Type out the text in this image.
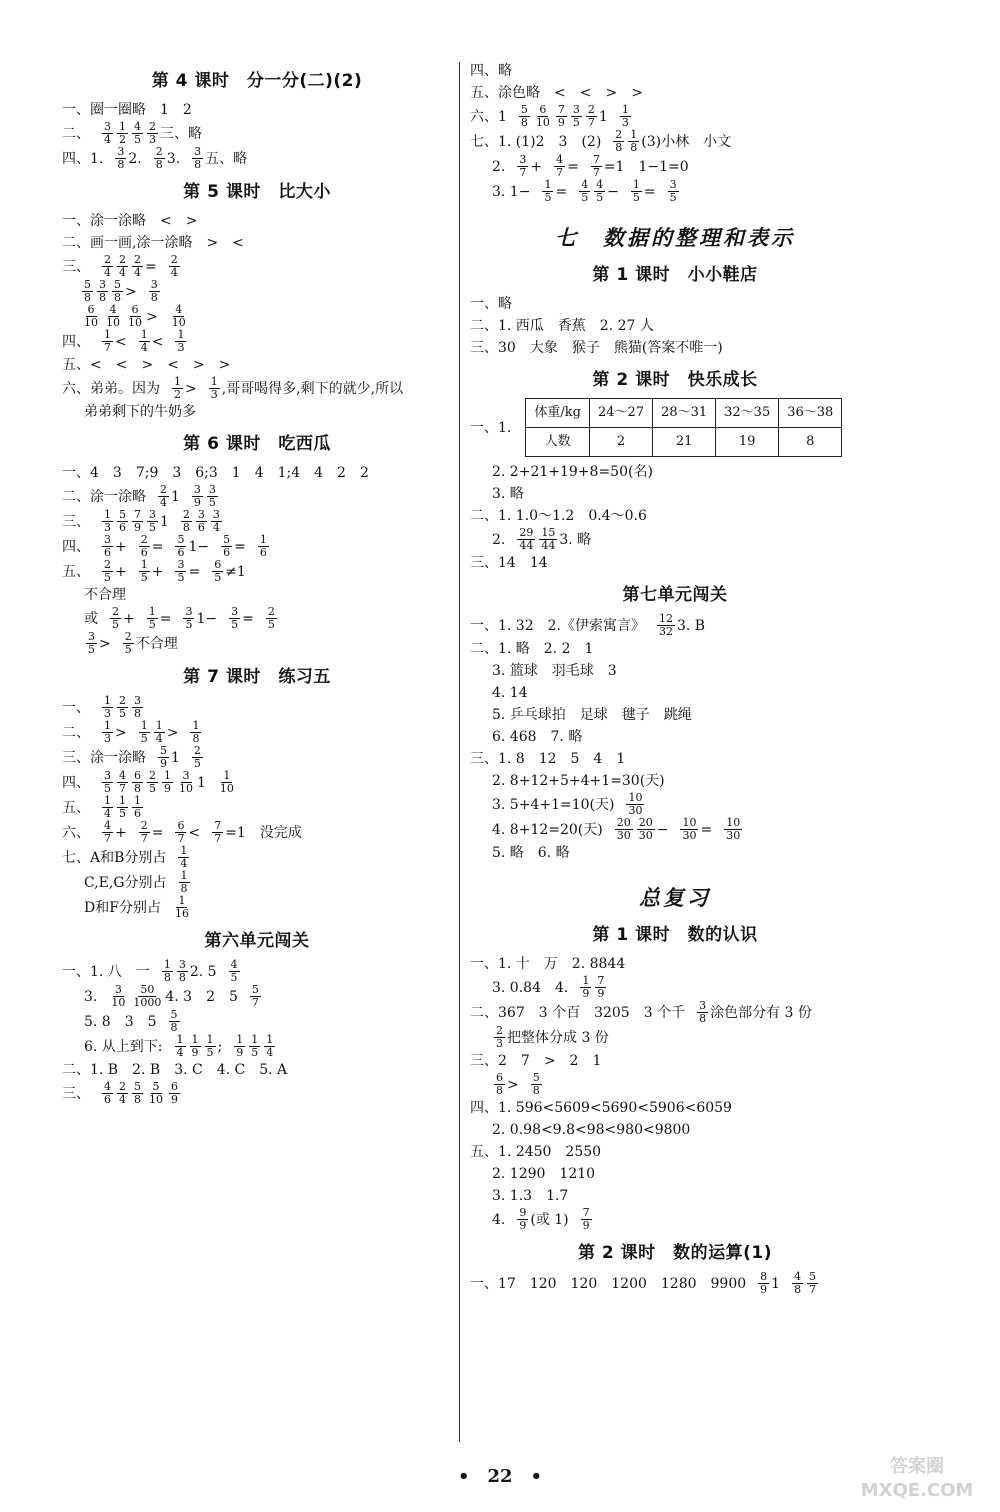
第 4 课时　分一分(二)(2)
一、圈一圈略　1　2
二、 $\frac{3}{4} \frac{1}{2} \frac{4}{5} \frac{2}{3}$ 三、略
四、1. $\frac{3}{8} 2$. $\frac{2}{8} 3$. $\frac{3}{8}$ 五、略
第 5 课时　比大小
一、涂一涂略　<　>
二、画一画,涂一涂略　>　<
三、 $\frac{2}{4} \frac{2}{4} \frac{2}{4} = \frac{2}{4}$
$\frac{5}{8} \frac{3}{8} \frac{5}{8} > \frac{3}{8}$
$\frac{6}{10} \frac{4}{10} \frac{6}{10} > \frac{4}{10}$
四、 $\frac{1}{7} < \frac{1}{4} < \frac{1}{3}$
五、<　<　>　<　>　>
六、弟弟。因为 $\frac{1}{2} > \frac{1}{3}$ ,哥哥喝得多,剩下的就少,所以
弟弟剩下的牛奶多
第 6 课时　吃西瓜
一、4　3　7;9　3　6;3　1　4　1;4　4　2　2
二、涂一涂略 $\frac{2}{4} 1 \frac{3}{9} \frac{3}{5}$
三、 $\frac{1}{3} \frac{5}{6} \frac{7}{9} \frac{3}{5} 1 \frac{2}{8} \frac{3}{6} \frac{3}{4}$
四、 $\frac{3}{6} + \frac{2}{6} = \frac{5}{6} 1- \frac{5}{6} = \frac{1}{6}$
五、 $\frac{2}{5} + \frac{1}{5} + \frac{3}{5} = \frac{6}{5} \ne 1$
不合理
或 $\frac{2}{5} + \frac{1}{5} = \frac{3}{5} 1- \frac{3}{5} = \frac{2}{5}$
$\frac{3}{5} > \frac{2}{5}$ 不合理
第 7 课时　练习五
一、 $\frac{1}{3} \frac{2}{5} \frac{3}{8}$
二、 $\frac{1}{3} > \frac{1}{5} \frac{1}{4} > \frac{1}{8}$
三、涂一涂略 $\frac{5}{9} 1 \frac{2}{5}$
四、 $\frac{3}{5} \frac{4}{7} \frac{6}{8} \frac{2}{5} \frac{1}{9} \frac{3}{10} 1 \frac{1}{10}$
五、 $\frac{1}{4} \frac{1}{5} \frac{1}{6}$
六、 $\frac{4}{7} + \frac{2}{7} = \frac{6}{7} < \frac{7}{7} =1$　没完成
七、A和B分别占 $\frac{1}{4}$
C,E,G分别占 $\frac{1}{8}$
D和F分别占 $\frac{1}{16}$
第六单元闯关
一、1. 八　一 $\frac{1}{8} \frac{3}{8} 2$. $5 \frac{4}{5}$
3. $\frac{3}{10} \frac{50}{1000} 4$. 3　2　$5 \frac{5}{7}$
5. 8　3　$5 \frac{5}{8}$
6. 从上到下: $\frac{1}{4} \frac{1}{9} \frac{1}{5}$ ; $\frac{1}{9} \frac{1}{5} \frac{1}{4}$
二、1. B　2. B　3. C　4. C　5. A
三、 $\frac{4}{6} \frac{2}{4} \frac{5}{8} \frac{5}{10} \frac{6}{9}$
四、略
五、涂色略　<　<　>　>
六、$1 \frac{5}{8} \frac{6}{10} \frac{7}{9} \frac{3}{5} \frac{2}{7} 1 \frac{1}{3}$
七、1. (1)2　3　$(2) \frac{2}{8} \frac{1}{8} (3)$小林　小文
2. $\frac{3}{7} + \frac{4}{7} = \frac{7}{7} =1$　1−1=0
3. $1- \frac{1}{5} = \frac{4}{5} \frac{4}{5} - \frac{1}{5} = \frac{3}{5}$
七　数据的整理和表示
第 1 课时　小小鞋店
一、略
二、1. 西瓜　香蕉　2. 27 人
三、30　大象　猴子　熊猫(答案不唯一)
第 2 课时　快乐成长
一、1.体重/kg	24～27	28～31	32～35	36～38
人数	2	21	19	8
2. 2+21+19+8=50(名)
3. 略
二、1. 1.0～1.2　0.4～0.6
2. $\frac{29}{44} \frac{15}{44} 3$. 略
三、14　14
第七单元闯关
一、1. 32　2.《伊索寓言》 $\frac{12}{32} 3$. B
二、1. 略　2. 2　1
3. 篮球　羽毛球　3
4. 14
5. 乒乓球拍　足球　毽子　跳绳
6. 468　7. 略
三、1. 8　12　5　4　1
2. 8+12+5+4+1=30(天)
3. 5+4+1=10(天) $\frac{10}{30}$
4. 8+12=20(天) $\frac{20}{30} \frac{20}{30} - \frac{10}{30} = \frac{10}{30}$
5. 略　6. 略
总复习
第 1 课时　数的认识
一、1. 十　万　2. 8844
3. 0.84　4. $\frac{1}{9} \frac{7}{9}$
二、367　3 个百　3205　3 个千 $\frac{3}{8}$ 涂色部分有 3 份
$\frac{2}{3}$ 把整体分成 3 份
三、2　7　>　2　1
$\frac{6}{8} > \frac{5}{8}$
四、1. 596<5609<5690<5906<6059
2. 0.98<9.8<98<980<9800
五、1. 2450　2550
2. 1290　1210
3. 1.3　1.7
4. $\frac{9}{9}$ (或 $1) \frac{7}{9}$
第 2 课时　数的运算(1)
一、17　120　120　1200　1280　$9900 \frac{8}{9} 1 \frac{4}{8} \frac{5}{7}$
•　22　•	答案圈
MXQE.COM
